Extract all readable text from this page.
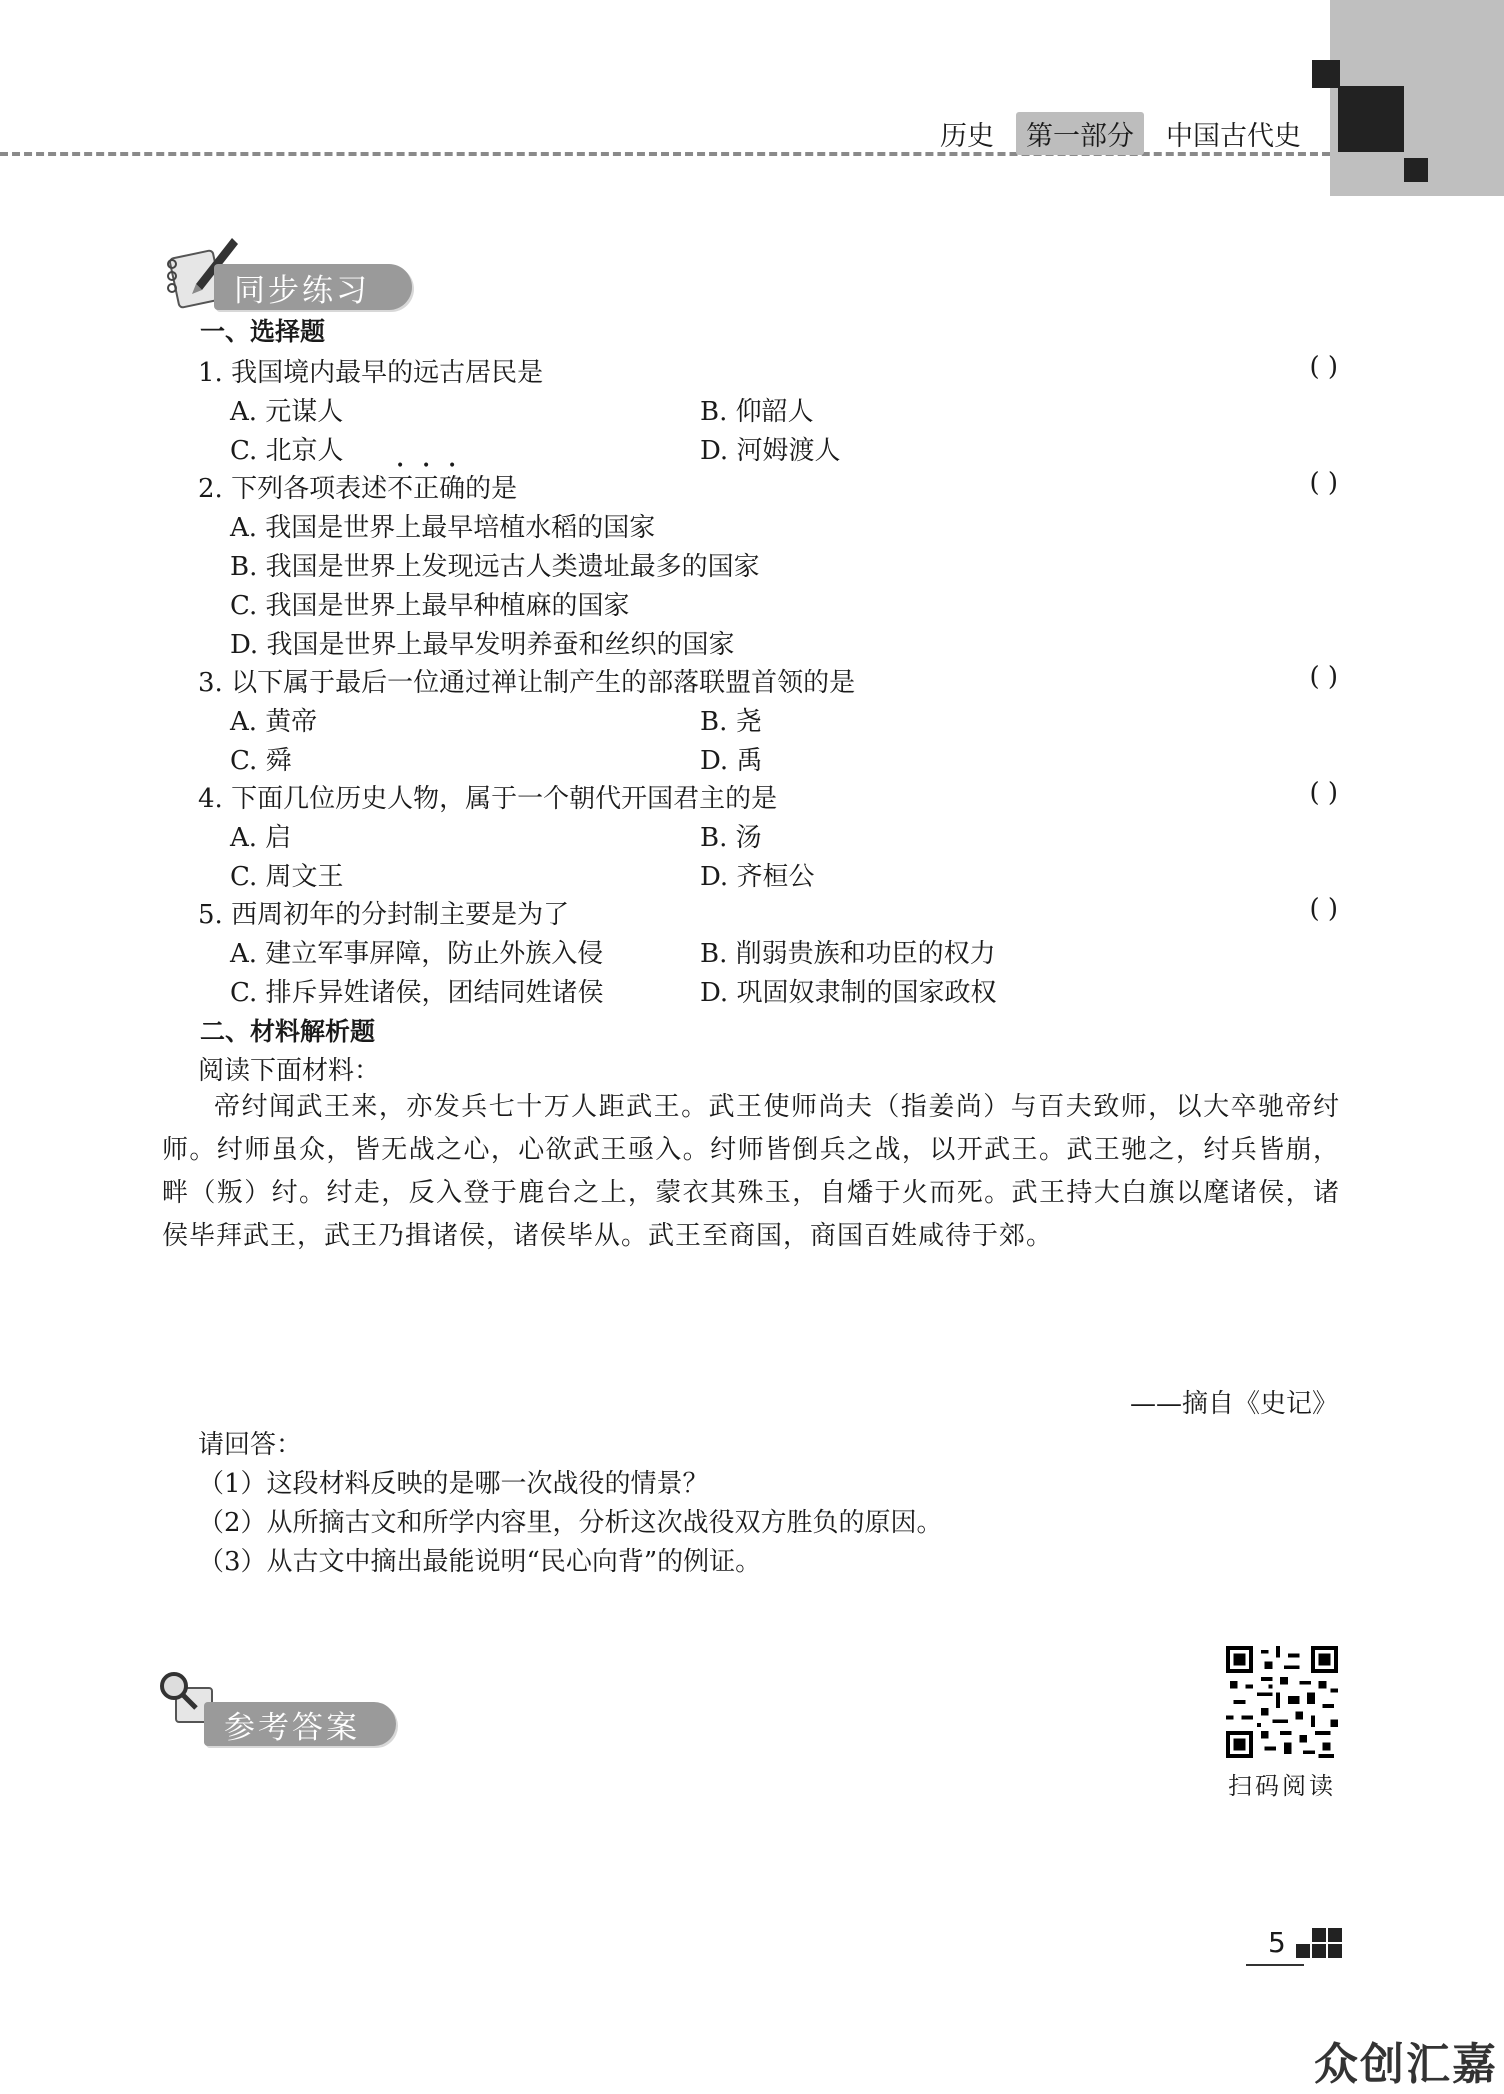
历史	第一部分	中国古代史
同步练习
一、选择题
1. 我国境内最早的远古居民是	( )
A. 元谋人	B. 仰韶人
C. 北京人	D. 河姆渡人
2. 下列各项表述不正确的是	( )
A. 我国是世界上最早培植水稻的国家
B. 我国是世界上发现远古人类遗址最多的国家
C. 我国是世界上最早种植麻的国家
D. 我国是世界上最早发明养蚕和丝织的国家
3. 以下属于最后一位通过禅让制产生的部落联盟首领的是	( )
A. 黄帝	B. 尧
C. 舜	D. 禹
4. 下面几位历史人物，属于一个朝代开国君主的是	( )
A. 启	B. 汤
C. 周文王	D. 齐桓公
5. 西周初年的分封制主要是为了	( )
A. 建立军事屏障，防止外族入侵	B. 削弱贵族和功臣的权力
C. 排斥异姓诸侯，团结同姓诸侯	D. 巩固奴隶制的国家政权
二、材料解析题
阅读下面材料：
帝纣闻武王来，亦发兵七十万人距武王。武王使师尚夫（指姜尚）与百夫致师，以大卒驰帝纣师。纣师虽众，皆无战之心，心欲武王亟入。纣师皆倒兵之战，以开武王。武王驰之，纣兵皆崩，畔（叛）纣。纣走，反入登于鹿台之上，蒙衣其殊玉，自燔于火而死。武王持大白旗以麾诸侯，诸侯毕拜武王，武王乃揖诸侯，诸侯毕从。武王至商国，商国百姓咸待于郊。
——摘自《史记》
请回答：
（1）这段材料反映的是哪一次战役的情景？
（2）从所摘古文和所学内容里，分析这次战役双方胜负的原因。
（3）从古文中摘出最能说明“民心向背”的例证。
参考答案
扫码阅读
5
众创汇嘉
